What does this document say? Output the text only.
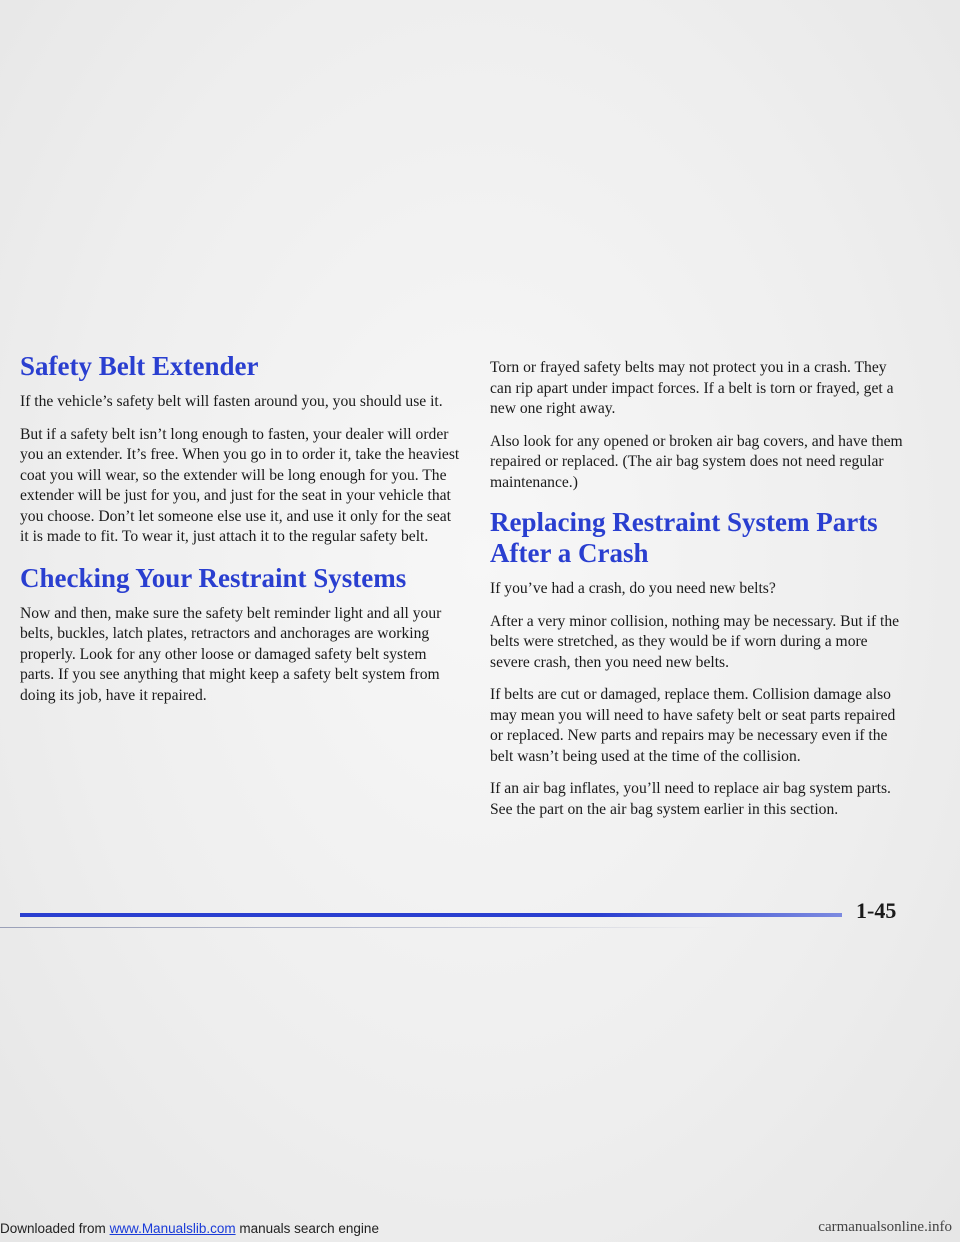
Safety Belt Extender

If the vehicle’s safety belt will fasten around you, you should use it.

But if a safety belt isn’t long enough to fasten, your dealer will order you an extender. It’s free. When you go in to order it, take the heaviest coat you will wear, so the extender will be long enough for you. The extender will be just for you, and just for the seat in your vehicle that you choose. Don’t let someone else use it, and use it only for the seat it is made to fit. To wear it, just attach it to the regular safety belt.

Checking Your Restraint Systems

Now and then, make sure the safety belt reminder light and all your belts, buckles, latch plates, retractors and anchorages are working properly. Look for any other loose or damaged safety belt system parts. If you see anything that might keep a safety belt system from doing its job, have it repaired.

Torn or frayed safety belts may not protect you in a crash. They can rip apart under impact forces. If a belt is torn or frayed, get a new one right away.

Also look for any opened or broken air bag covers, and have them repaired or replaced. (The air bag system does not need regular maintenance.)

Replacing Restraint System Parts After a Crash

If you’ve had a crash, do you need new belts?

After a very minor collision, nothing may be necessary. But if the belts were stretched, as they would be if worn during a more severe crash, then you need new belts.

If belts are cut or damaged, replace them. Collision damage also may mean you will need to have safety belt or seat parts repaired or replaced. New parts and repairs may be necessary even if the belt wasn’t being used at the time of the collision.

If an air bag inflates, you’ll need to replace air bag system parts. See the part on the air bag system earlier in this section.

1-45
Downloaded from www.Manualslib.com manuals search engine	carmanualsonline.info
